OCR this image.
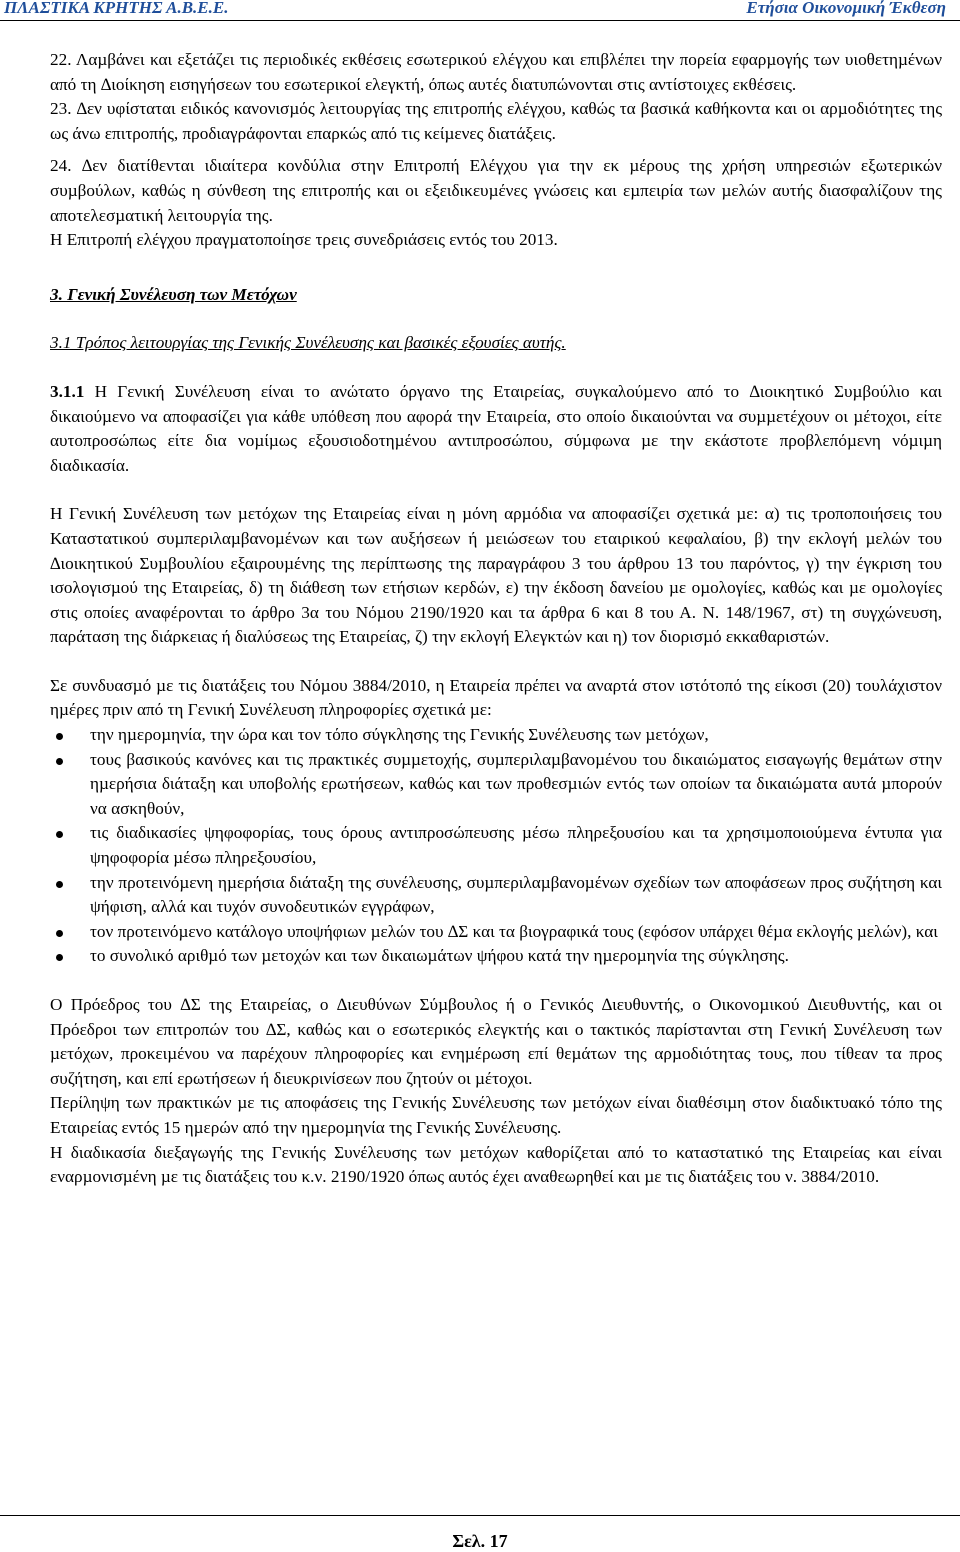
ΠΛΑΣΤΙΚΑ ΚΡΗΤΗΣ Α.Β.Ε.Ε.	Ετήσια Οικονοµική Έκθεση

22. Λαµβάνει και εξετάζει τις περιοδικές εκθέσεις εσωτερικού ελέγχου και επιβλέπει την πορεία εφαρµογής των υιοθετηµένων από τη ∆ιοίκηση εισηγήσεων του εσωτερικοί ελεγκτή, όπως αυτές διατυπώνονται στις αντίστοιχες εκθέσεις.

23. ∆εν υφίσταται ειδικός κανονισµός λειτουργίας της επιτροπής ελέγχου, καθώς τα βασικά καθήκοντα και οι αρµοδιότητες της ως άνω επιτροπής, προδιαγράφονται επαρκώς από τις κείµενες διατάξεις.

24. ∆εν διατίθενται ιδιαίτερα κονδύλια στην Επιτροπή Ελέγχου για την εκ µέρους της χρήση υπηρεσιών εξωτερικών συµβούλων, καθώς η σύνθεση της επιτροπής και οι εξειδικευµένες γνώσεις και εµπειρία των µελών αυτής διασφαλίζουν της αποτελεσµατική λειτουργία της.

Η Επιτροπή ελέγχου πραγµατοποίησε τρεις συνεδριάσεις εντός του 2013.

3. Γενική Συνέλευση των Μετόχων

3.1 Τρόπος λειτουργίας της Γενικής Συνέλευσης και βασικές εξουσίες αυτής.

3.1.1 Η Γενική Συνέλευση είναι το ανώτατο όργανο της Εταιρείας, συγκαλούµενο από το ∆ιοικητικό Συµβούλιο και δικαιούµενο να αποφασίζει για κάθε υπόθεση που αφορά την Εταιρεία, στο οποίο δικαιούνται να συµµετέχουν οι µέτοχοι, είτε αυτοπροσώπως είτε δια νοµίµως εξουσιοδοτηµένου αντιπροσώπου, σύµφωνα µε την εκάστοτε προβλεπόµενη νόµιµη διαδικασία.

Η Γενική Συνέλευση των µετόχων της Εταιρείας είναι η µόνη αρµόδια να αποφασίζει σχετικά µε: α) τις τροποποιήσεις του Καταστατικού συµπεριλαµβανοµένων και των αυξήσεων ή µειώσεων του εταιρικού κεφαλαίου, β) την εκλογή µελών του ∆ιοικητικού Συµβουλίου εξαιρουµένης της περίπτωσης της παραγράφου 3 του άρθρου 13 του παρόντος, γ) την έγκριση του ισολογισµού της Εταιρείας, δ) τη διάθεση των ετήσιων κερδών, ε) την έκδοση δανείου µε οµολογίες, καθώς και µε οµολογίες στις οποίες αναφέρονται το άρθρο 3α του Νόµου 2190/1920 και τα άρθρα 6 και 8 του Α. Ν. 148/1967, στ) τη συγχώνευση, παράταση της διάρκειας ή διαλύσεως της Εταιρείας, ζ) την εκλογή Ελεγκτών και η) τον διορισµό εκκαθαριστών.

Σε συνδυασµό µε τις διατάξεις του Νόµου 3884/2010, η Εταιρεία πρέπει να αναρτά στον ιστότοπό της είκοσι (20) τουλάχιστον ηµέρες πριν από τη Γενική Συνέλευση πληροφορίες σχετικά µε:

την ηµεροµηνία, την ώρα και τον τόπο σύγκλησης της Γενικής Συνέλευσης των µετόχων,
τους βασικούς κανόνες και τις πρακτικές συµµετοχής, συµπεριλαµβανοµένου του δικαιώµατος εισαγωγής θεµάτων στην ηµερήσια διάταξη και υποβολής ερωτήσεων, καθώς και των προθεσµιών εντός των οποίων τα δικαιώµατα αυτά µπορούν να ασκηθούν,
τις διαδικασίες ψηφοφορίας, τους όρους αντιπροσώπευσης µέσω πληρεξουσίου και τα χρησιµοποιούµενα έντυπα για ψηφοφορία µέσω πληρεξουσίου,
την προτεινόµενη ηµερήσια διάταξη της συνέλευσης, συµπεριλαµβανοµένων σχεδίων των αποφάσεων προς συζήτηση και ψήφιση, αλλά και τυχόν συνοδευτικών εγγράφων,
τον προτεινόµενο κατάλογο υποψήφιων µελών του ∆Σ και τα βιογραφικά τους (εφόσον υπάρχει θέµα εκλογής µελών), και
το συνολικό αριθµό των µετοχών και των δικαιωµάτων ψήφου κατά την ηµεροµηνία της σύγκλησης.

Ο Πρόεδρος του ∆Σ της Εταιρείας, ο ∆ιευθύνων Σύµβουλος ή ο Γενικός ∆ιευθυντής, ο Οικονοµικού ∆ιευθυντής, και οι Πρόεδροι των επιτροπών του ∆Σ, καθώς και ο εσωτερικός ελεγκτής και ο τακτικός παρίστανται στη Γενική Συνέλευση των µετόχων, προκειµένου να παρέχουν πληροφορίες και ενηµέρωση επί θεµάτων της αρµοδιότητας τους, που τίθεαν τα προς συζήτηση, και επί ερωτήσεων ή διευκρινίσεων που ζητούν οι µέτοχοι.

Περίληψη των πρακτικών µε τις αποφάσεις της Γενικής Συνέλευσης των µετόχων είναι διαθέσιµη στον διαδικτυακό τόπο της Εταιρείας εντός 15 ηµερών από την ηµεροµηνία της Γενικής Συνέλευσης.

Η διαδικασία διεξαγωγής της Γενικής Συνέλευσης των µετόχων καθορίζεται από το καταστατικό της Εταιρείας και είναι εναρµονισµένη µε τις διατάξεις του κ.ν. 2190/1920 όπως αυτός έχει αναθεωρηθεί και µε τις διατάξεις του ν. 3884/2010.

Σελ. 17
